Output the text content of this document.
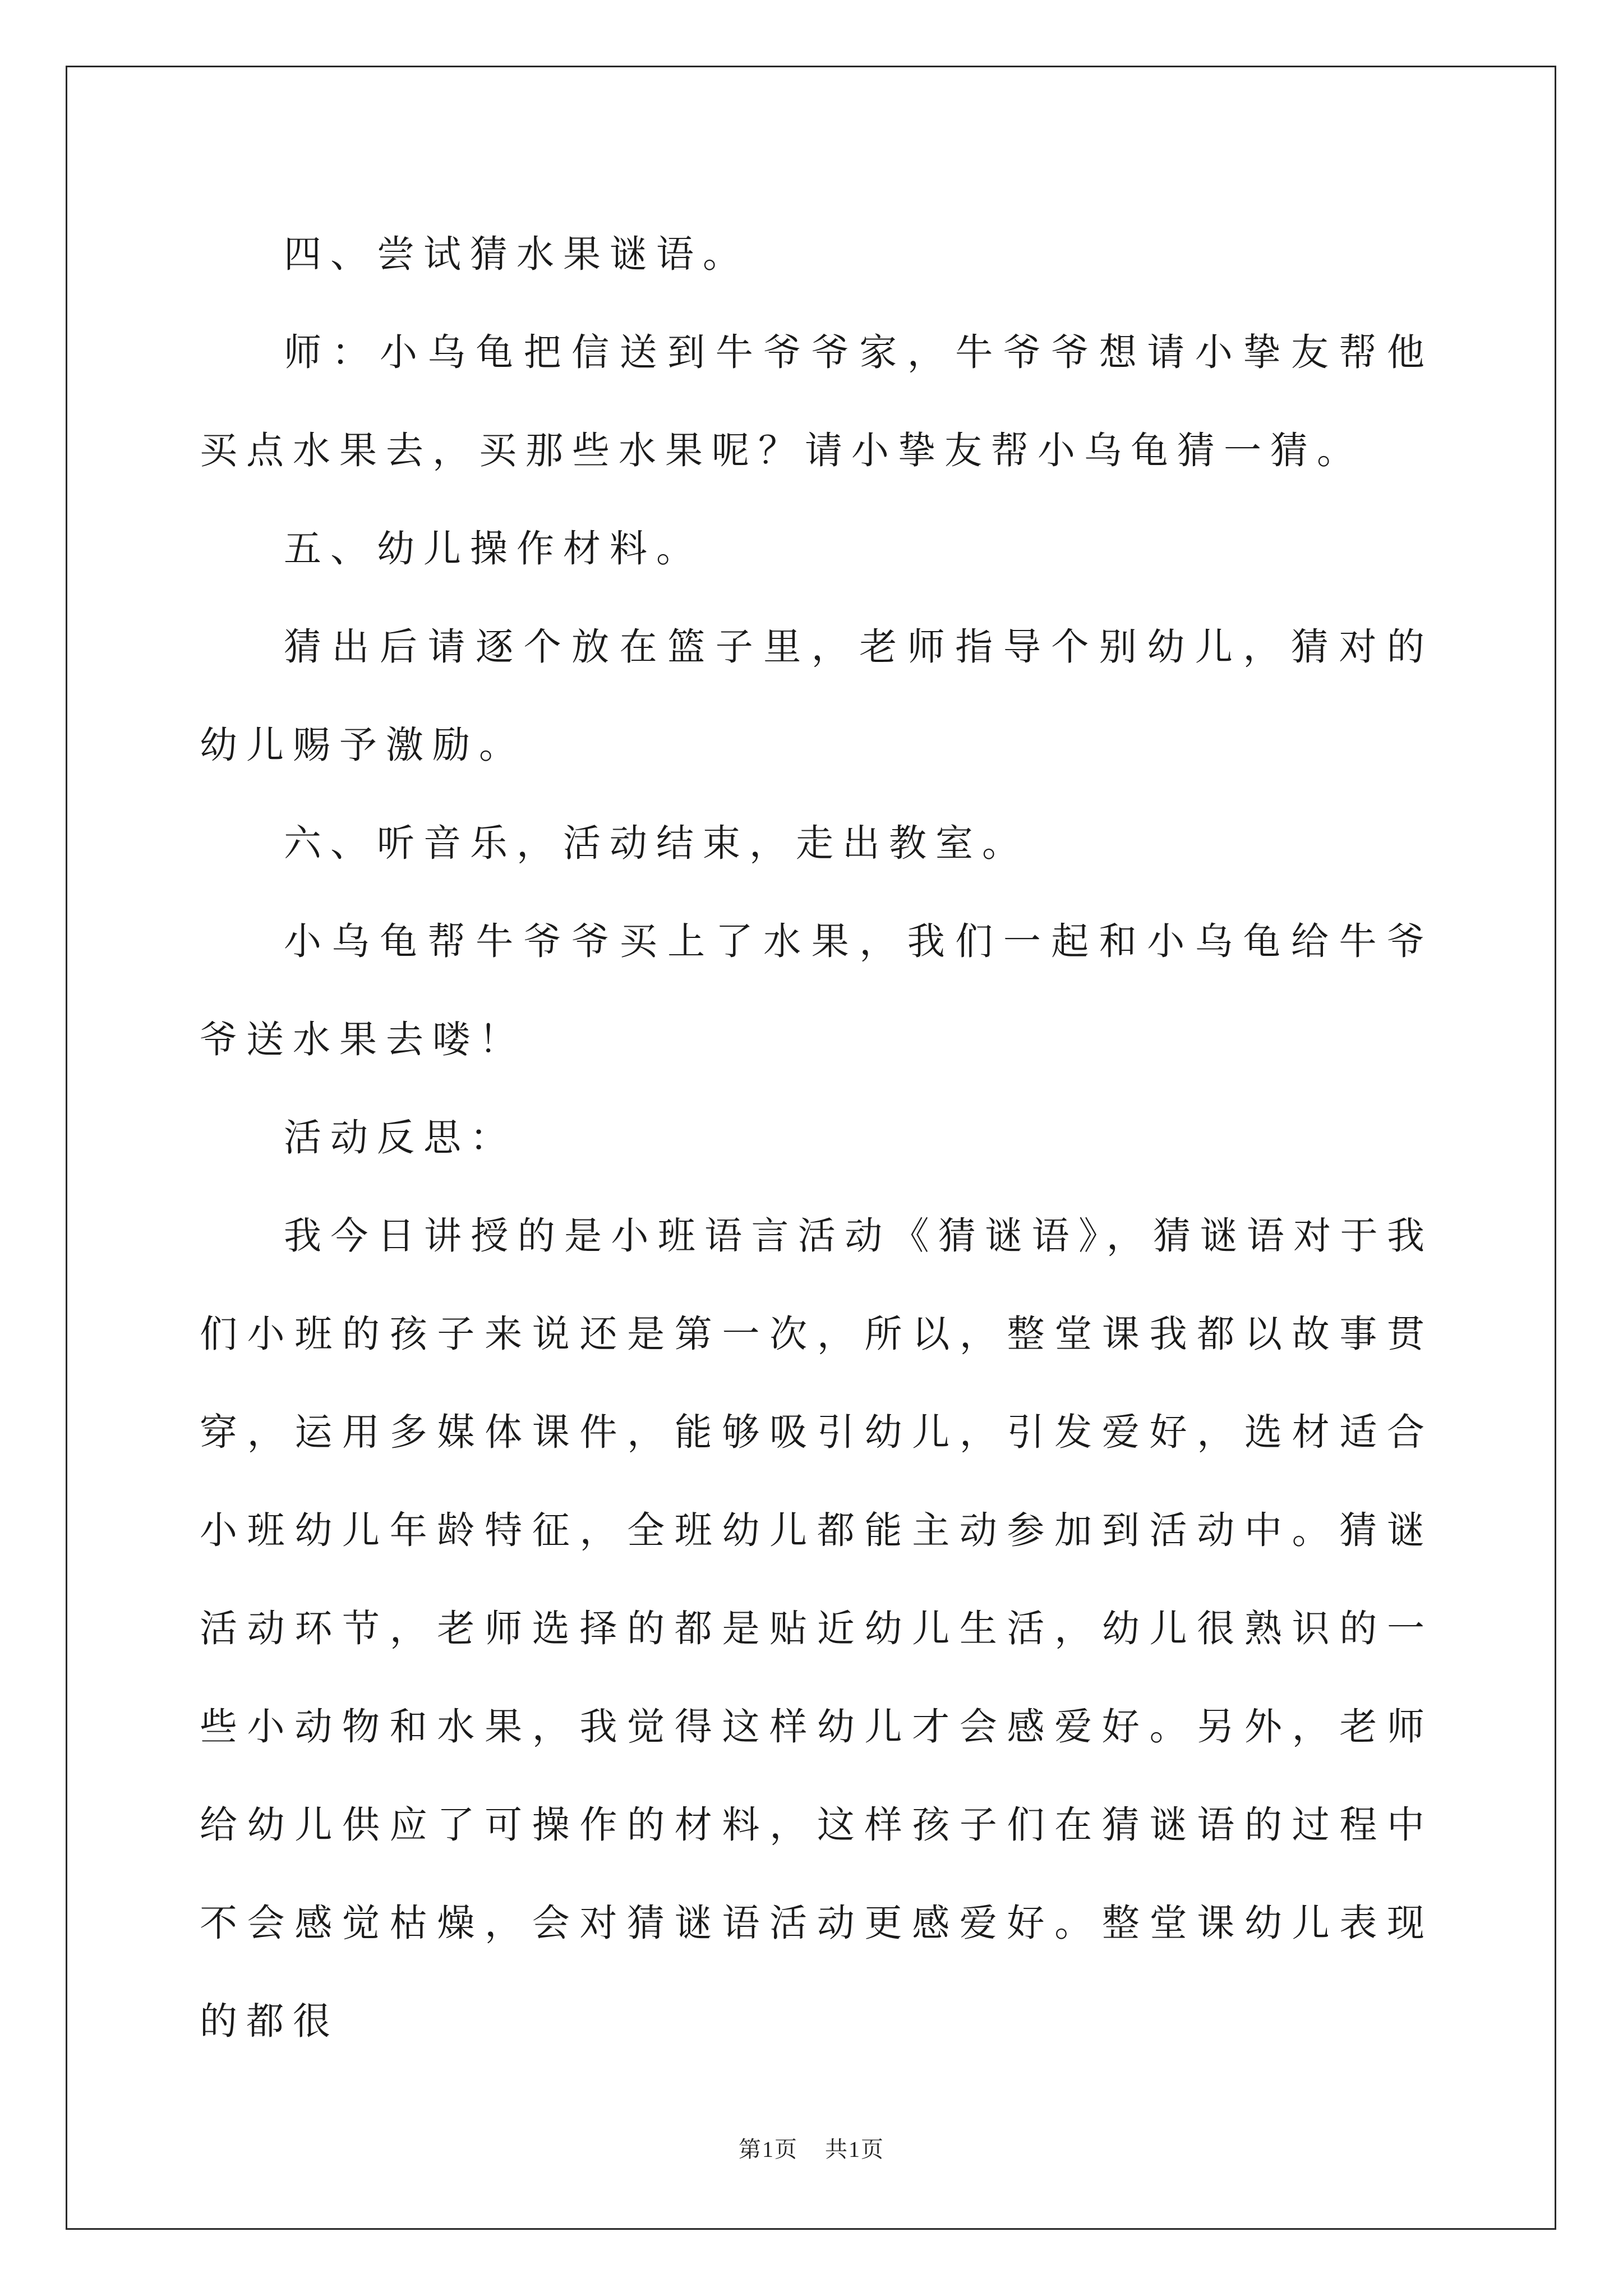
四、尝试猜水果谜语。

师：小乌龟把信送到牛爷爷家，牛爷爷想请小挚友帮他买点水果去，买那些水果呢？请小挚友帮小乌龟猜一猜。

五、幼儿操作材料。

猜出后请逐个放在篮子里，老师指导个别幼儿，猜对的幼儿赐予激励。

六、听音乐，活动结束，走出教室。

小乌龟帮牛爷爷买上了水果，我们一起和小乌龟给牛爷爷送水果去喽！

活动反思：

我今日讲授的是小班语言活动《猜谜语》，猜谜语对于我们小班的孩子来说还是第一次，所以，整堂课我都以故事贯穿，运用多媒体课件，能够吸引幼儿，引发爱好，选材适合小班幼儿年龄特征，全班幼儿都能主动参加到活动中。猜谜活动环节，老师选择的都是贴近幼儿生活，幼儿很熟识的一些小动物和水果，我觉得这样幼儿才会感爱好。另外，老师给幼儿供应了可操作的材料，这样孩子们在猜谜语的过程中不会感觉枯燥，会对猜谜语活动更感爱好。整堂课幼儿表现的都很

第1页 共1页
